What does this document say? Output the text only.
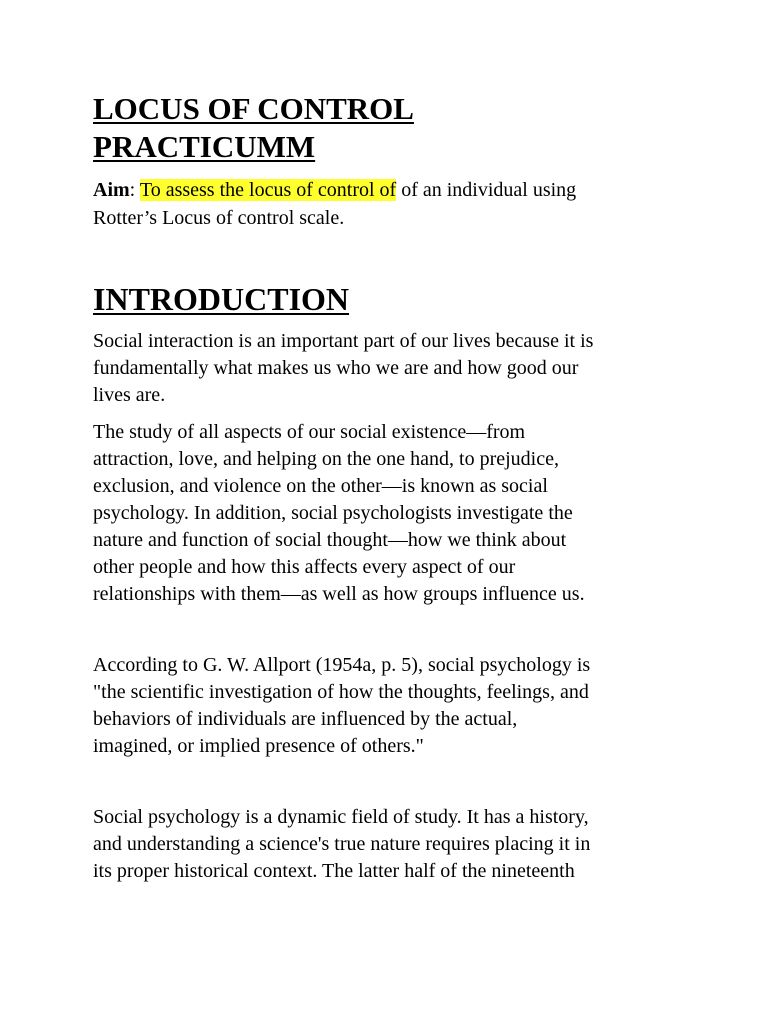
LOCUS OF CONTROL
PRACTICUMM

Aim: To assess the locus of control of of an individual using
Rotter’s Locus of control scale.

INTRODUCTION

Social interaction is an important part of our lives because it is
fundamentally what makes us who we are and how good our
lives are.

The study of all aspects of our social existence—from
attraction, love, and helping on the one hand, to prejudice,
exclusion, and violence on the other—is known as social
psychology. In addition, social psychologists investigate the
nature and function of social thought—how we think about
other people and how this affects every aspect of our
relationships with them—as well as how groups influence us.

According to G. W. Allport (1954a, p. 5), social psychology is
"the scientific investigation of how the thoughts, feelings, and
behaviors of individuals are influenced by the actual,
imagined, or implied presence of others."

Social psychology is a dynamic field of study. It has a history,
and understanding a science's true nature requires placing it in
its proper historical context. The latter half of the nineteenth
